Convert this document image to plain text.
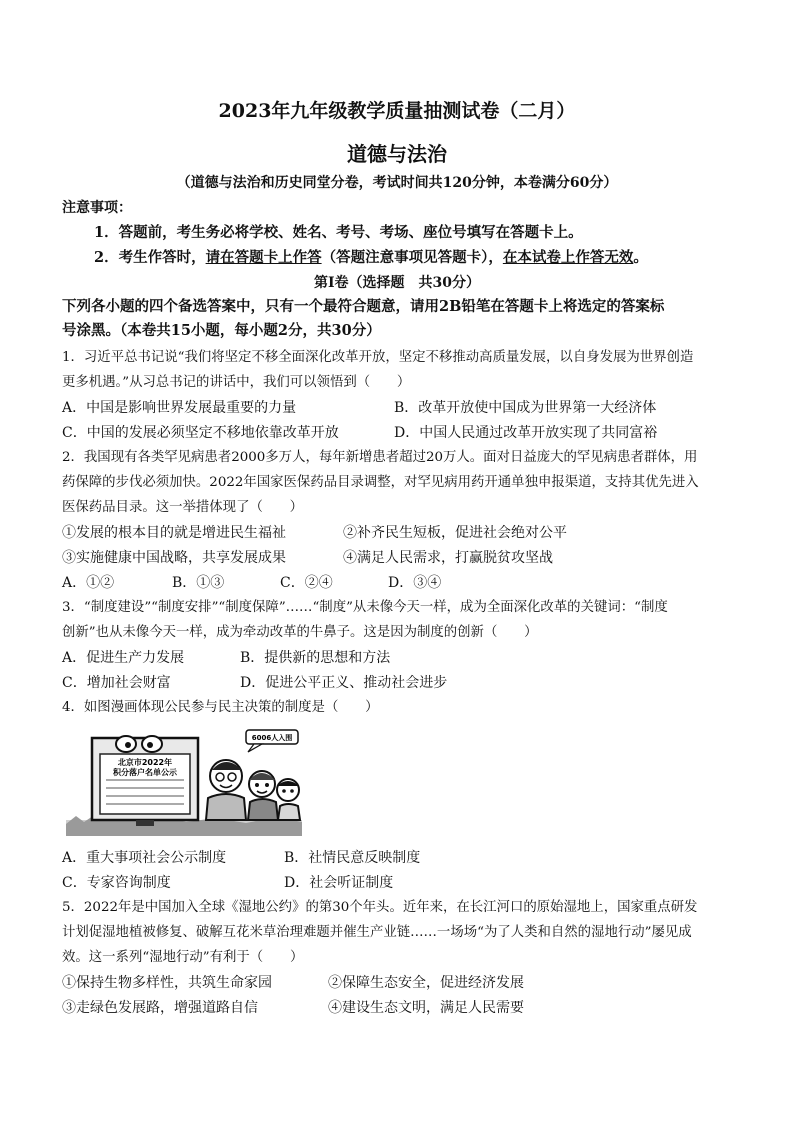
2023年九年级教学质量抽测试卷（二月）
道德与法治
（道德与法治和历史同堂分卷，考试时间共120分钟，本卷满分60分）
注意事项：
1．答题前，考生务必将学校、姓名、考号、考场、座位号填写在答题卡上。
2．考生作答时，请在答题卡上作答（答题注意事项见答题卡），在本试卷上作答无效。
第Ⅰ卷（选择题　共30分）
下列各小题的四个备选答案中，只有一个最符合题意，请用2B铅笔在答题卡上将选定的答案标
号涂黑。（本卷共15小题，每小题2分，共30分）
1．习近平总书记说“我们将坚定不移全面深化改革开放，坚定不移推动高质量发展，以自身发展为世界创造
更多机遇。”从习总书记的讲话中，我们可以领悟到（　　）
A．中国是影响世界发展最重要的力量	B．改革开放使中国成为世界第一大经济体
C．中国的发展必须坚定不移地依靠改革开放	D．中国人民通过改革开放实现了共同富裕
2．我国现有各类罕见病患者2000多万人，每年新增患者超过20万人。面对日益庞大的罕见病患者群体，用
药保障的步伐必须加快。2022年国家医保药品目录调整，对罕见病用药开通单独申报渠道，支持其优先进入
医保药品目录。这一举措体现了（　　）
①发展的根本目的就是增进民生福祉	②补齐民生短板，促进社会绝对公平
③实施健康中国战略，共享发展成果	④满足人民需求，打赢脱贫攻坚战
A．①②	B．①③	C．②④	D．③④
3．“制度建设”“制度安排”“制度保障”……“制度”从未像今天一样，成为全面深化改革的关键词：“制度
创新”也从未像今天一样，成为牵动改革的牛鼻子。这是因为制度的创新（　　）
A．促进生产力发展	B．提供新的思想和方法
C．增加社会财富	D．促进公平正义、推动社会进步
4．如图漫画体现公民参与民主决策的制度是（　　）
北京市2022年
积分落户名单公示
6006人入围
A．重大事项社会公示制度	B．社情民意反映制度
C．专家咨询制度	D．社会听证制度
5．2022年是中国加入全球《湿地公约》的第30个年头。近年来，在长江河口的原始湿地上，国家重点研发
计划促湿地植被修复、破解互花米草治理难题并催生产业链……一场场“为了人类和自然的湿地行动”屡见成
效。这一系列“湿地行动”有利于（　　）
①保持生物多样性，共筑生命家园	②保障生态安全，促进经济发展
③走绿色发展路，增强道路自信	④建设生态文明，满足人民需要
